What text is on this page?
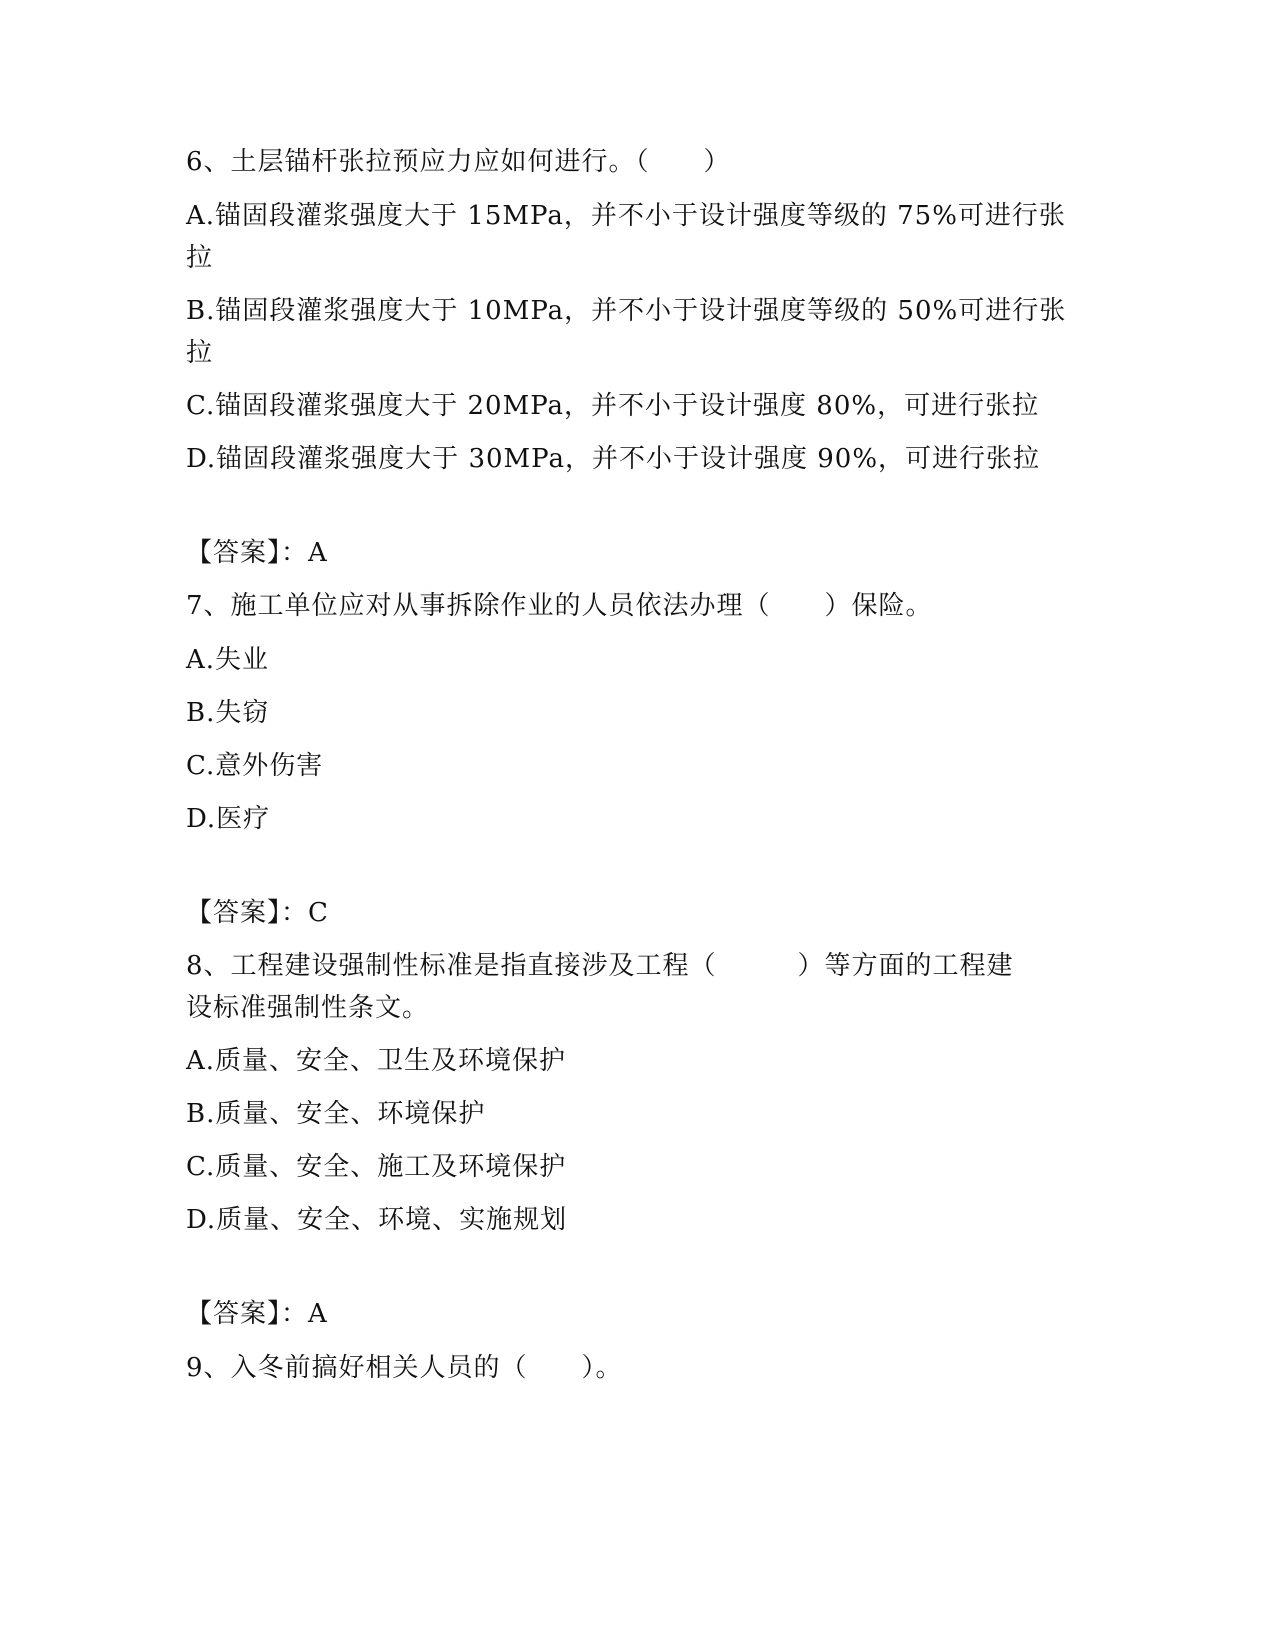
6、土层锚杆张拉预应力应如何进行。（　　）
A.锚固段灌浆强度大于 15MPa，并不小于设计强度等级的 75%可进行张
拉
B.锚固段灌浆强度大于 10MPa，并不小于设计强度等级的 50%可进行张
拉
C.锚固段灌浆强度大于 20MPa，并不小于设计强度 80%，可进行张拉
D.锚固段灌浆强度大于 30MPa，并不小于设计强度 90%，可进行张拉
【答案】：A
7、施工单位应对从事拆除作业的人员依法办理（　　）保险。
A.失业
B.失窃
C.意外伤害
D.医疗
【答案】：C
8、工程建设强制性标准是指直接涉及工程（　　　）等方面的工程建
设标准强制性条文。
A.质量、安全、卫生及环境保护
B.质量、安全、环境保护
C.质量、安全、施工及环境保护
D.质量、安全、环境、实施规划
【答案】：A
9、入冬前搞好相关人员的（　　）。
